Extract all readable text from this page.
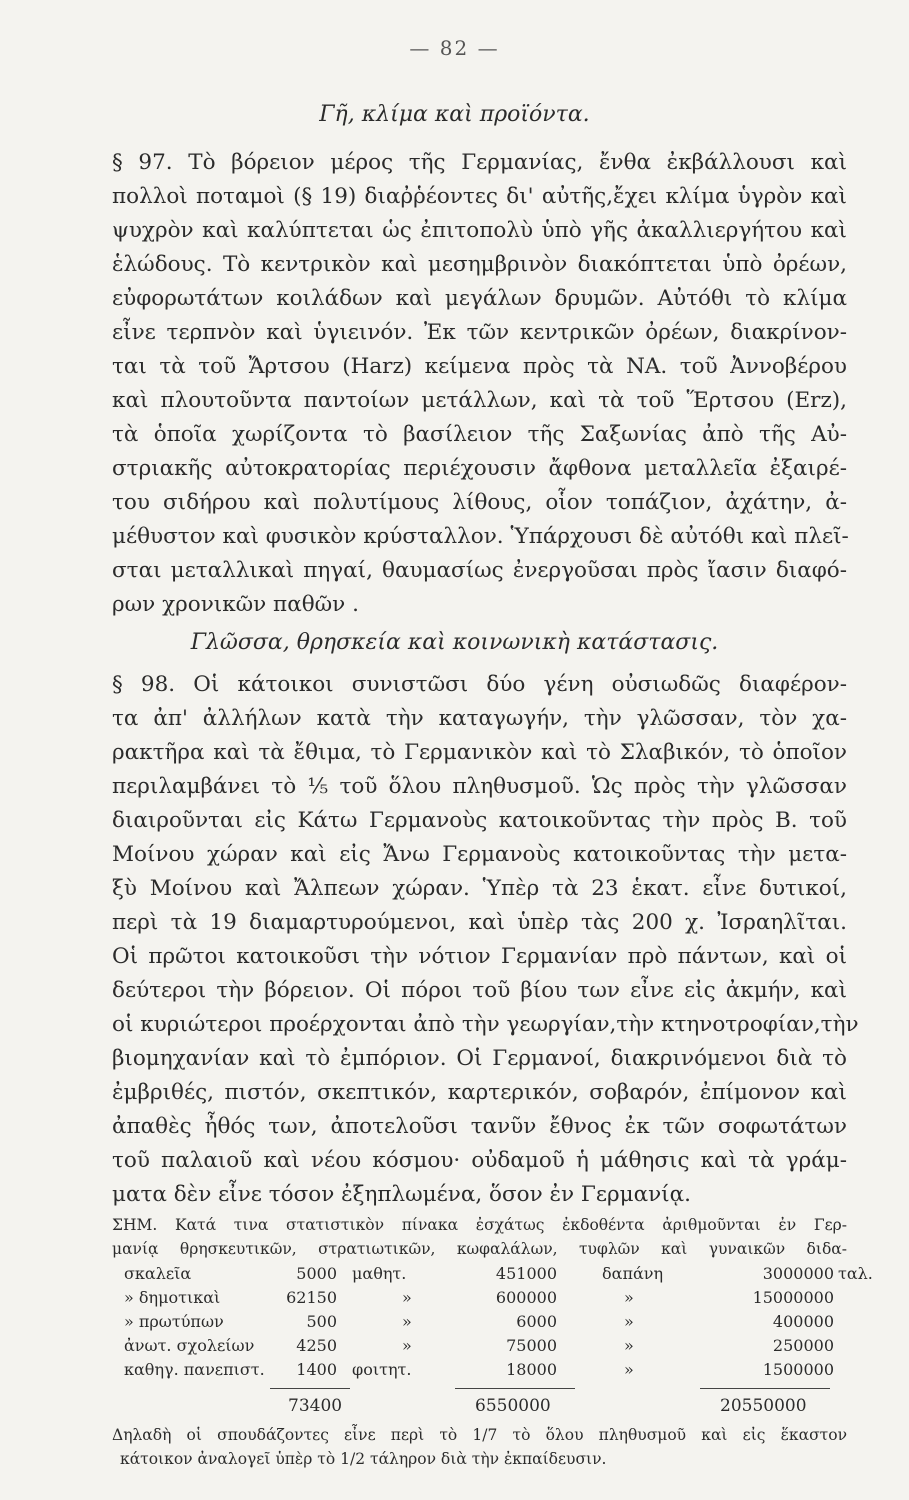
— 82 —
Γῆ, κλίμα καὶ προϊόντα.
§ 97. Τὸ βόρειον μέρος τῆς Γερμανίας, ἔνθα ἐκβάλλουσι καὶ
πολλοὶ ποταμοὶ (§ 19) διαῤῥέοντες δι' αὐτῆς,ἔχει κλίμα ὑγρὸν καὶ
ψυχρὸν καὶ καλύπτεται ὡς ἐπιτοπολὺ ὑπὸ γῆς ἀκαλλιεργήτου καὶ
ἑλώδους. Τὸ κεντρικὸν καὶ μεσημβρινὸν διακόπτεται ὑπὸ ὀρέων,
εὐφορωτάτων κοιλάδων καὶ μεγάλων δρυμῶν. Αὐτόθι τὸ κλίμα
εἶνε τερπνὸν καὶ ὑγιεινόν. Ἐκ τῶν κεντρικῶν ὀρέων, διακρίνον-
ται τὰ τοῦ Ἄρτσου (Harz) κείμενα πρὸς τὰ ΝΑ. τοῦ Ἀννοβέρου
καὶ πλουτοῦντα παντοίων μετάλλων, καὶ τὰ τοῦ Ἕρτσου (Erz),
τὰ ὁποῖα χωρίζοντα τὸ βασίλειον τῆς Σαξωνίας ἀπὸ τῆς Αὐ-
στριακῆς αὐτοκρατορίας περιέχουσιν ἄφθονα μεταλλεῖα ἐξαιρέ-
του σιδήρου καὶ πολυτίμους λίθους, οἷον τοπάζιον, ἀχάτην, ἀ-
μέθυστον καὶ φυσικὸν κρύσταλλον. Ὑπάρχουσι δὲ αὐτόθι καὶ πλεῖ-
σται μεταλλικαὶ πηγαί, θαυμασίως ἐνεργοῦσαι πρὸς ἴασιν διαφό-
ρων χρονικῶν παθῶν .
Γλῶσσα, θρησκεία καὶ κοινωνικὴ κατάστασις.
§ 98. Οἱ κάτοικοι συνιστῶσι δύο γένη οὐσιωδῶς διαφέρον-
τα ἀπ' ἀλλήλων κατὰ τὴν καταγωγήν, τὴν γλῶσσαν, τὸν χα-
ρακτῆρα καὶ τὰ ἔθιμα, τὸ Γερμανικὸν καὶ τὸ Σλαβικόν, τὸ ὁποῖον
περιλαμβάνει τὸ ⅕ τοῦ ὅλου πληθυσμοῦ. Ὡς πρὸς τὴν γλῶσσαν
διαιροῦνται εἰς Κάτω Γερμανοὺς κατοικοῦντας τὴν πρὸς Β. τοῦ
Μοίνου χώραν καὶ εἰς Ἄνω Γερμανοὺς κατοικοῦντας τὴν μετα-
ξὺ Μοίνου καὶ Ἄλπεων χώραν. Ὑπὲρ τὰ 23 ἑκατ. εἶνε δυτικοί,
περὶ τὰ 19 διαμαρτυρούμενοι, καὶ ὑπὲρ τὰς 200 χ. Ἰσραηλῖται.
Οἱ πρῶτοι κατοικοῦσι τὴν νότιον Γερμανίαν πρὸ πάντων, καὶ οἱ
δεύτεροι τὴν βόρειον. Οἱ πόροι τοῦ βίου των εἶνε εἰς ἀκμήν, καὶ
οἱ κυριώτεροι προέρχονται ἀπὸ τὴν γεωργίαν,τὴν κτηνοτροφίαν,τὴν
βιομηχανίαν καὶ τὸ ἐμπόριον. Οἱ Γερμανοί, διακρινόμενοι διὰ τὸ
ἐμβριθές, πιστόν, σκεπτικόν, καρτερικόν, σοβαρόν, ἐπίμονον καὶ
ἀπαθὲς ἦθός των, ἀποτελοῦσι τανῦν ἔθνος ἐκ τῶν σοφωτάτων
τοῦ παλαιοῦ καὶ νέου κόσμου· οὐδαμοῦ ἡ μάθησις καὶ τὰ γράμ-
ματα δὲν εἶνε τόσον ἐξηπλωμένα, ὅσον ἐν Γερμανίᾳ.
ΣΗΜ. Κατά τινα στατιστικὸν πίνακα ἐσχάτως ἐκδοθέντα ἀριθμοῦνται ἐν Γερ-
μανίᾳ θρησκευτικῶν, στρατιωτικῶν, κωφαλάλων, τυφλῶν καὶ γυναικῶν διδα-
σκαλεῖα	5000 μαθητ.	451000	δαπάνη	3000000 ταλ.
» δημοτικαὶ	62150	»	600000	»	15000000
» πρωτύπων	500	»	6000	»	400000
ἀνωτ. σχολείων	4250	»	75000	»	250000
καθηγ. πανεπιστ.	1400 φοιτητ.	18000	»	1500000
73400	6550000	20550000
Δηλαδὴ οἱ σπουδάζοντες εἶνε περὶ τὸ 1/7 τὸ ὅλου πληθυσμοῦ καὶ εἰς ἕκαστον
κάτοικον ἀναλογεῖ ὑπὲρ τὸ 1/2 τάληρον διὰ τὴν ἐκπαίδευσιν.
